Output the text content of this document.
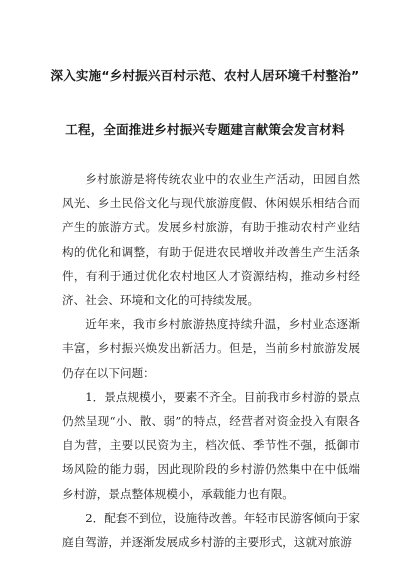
深入实施“乡村振兴百村示范、农村人居环境千村整治”
工程，全面推进乡村振兴专题建言献策会发言材料

乡村旅游是将传统农业中的农业生产活动，田园自然风光、乡土民俗文化与现代旅游度假、休闲娱乐相结合而产生的旅游方式。发展乡村旅游，有助于推动农村产业结构的优化和调整，有助于促进农民增收并改善生产生活条件，有利于通过优化农村地区人才资源结构，推动乡村经济、社会、环境和文化的可持续发展。

近年来，我市乡村旅游热度持续升温，乡村业态逐渐丰富，乡村振兴焕发出新活力。但是，当前乡村旅游发展仍存在以下问题：

1．景点规模小，要素不齐全。目前我市乡村游的景点仍然呈现“小、散、弱”的特点，经营者对资金投入有限各自为营，主要以民资为主，档次低、季节性不强，抵御市场风险的能力弱，因此现阶段的乡村游仍然集中在中低端乡村游，景点整体规模小，承载能力也有限。

2．配套不到位，设施待改善。年轻市民游客倾向于家庭自驾游，并逐渐发展成乡村游的主要形式，这就对旅游
